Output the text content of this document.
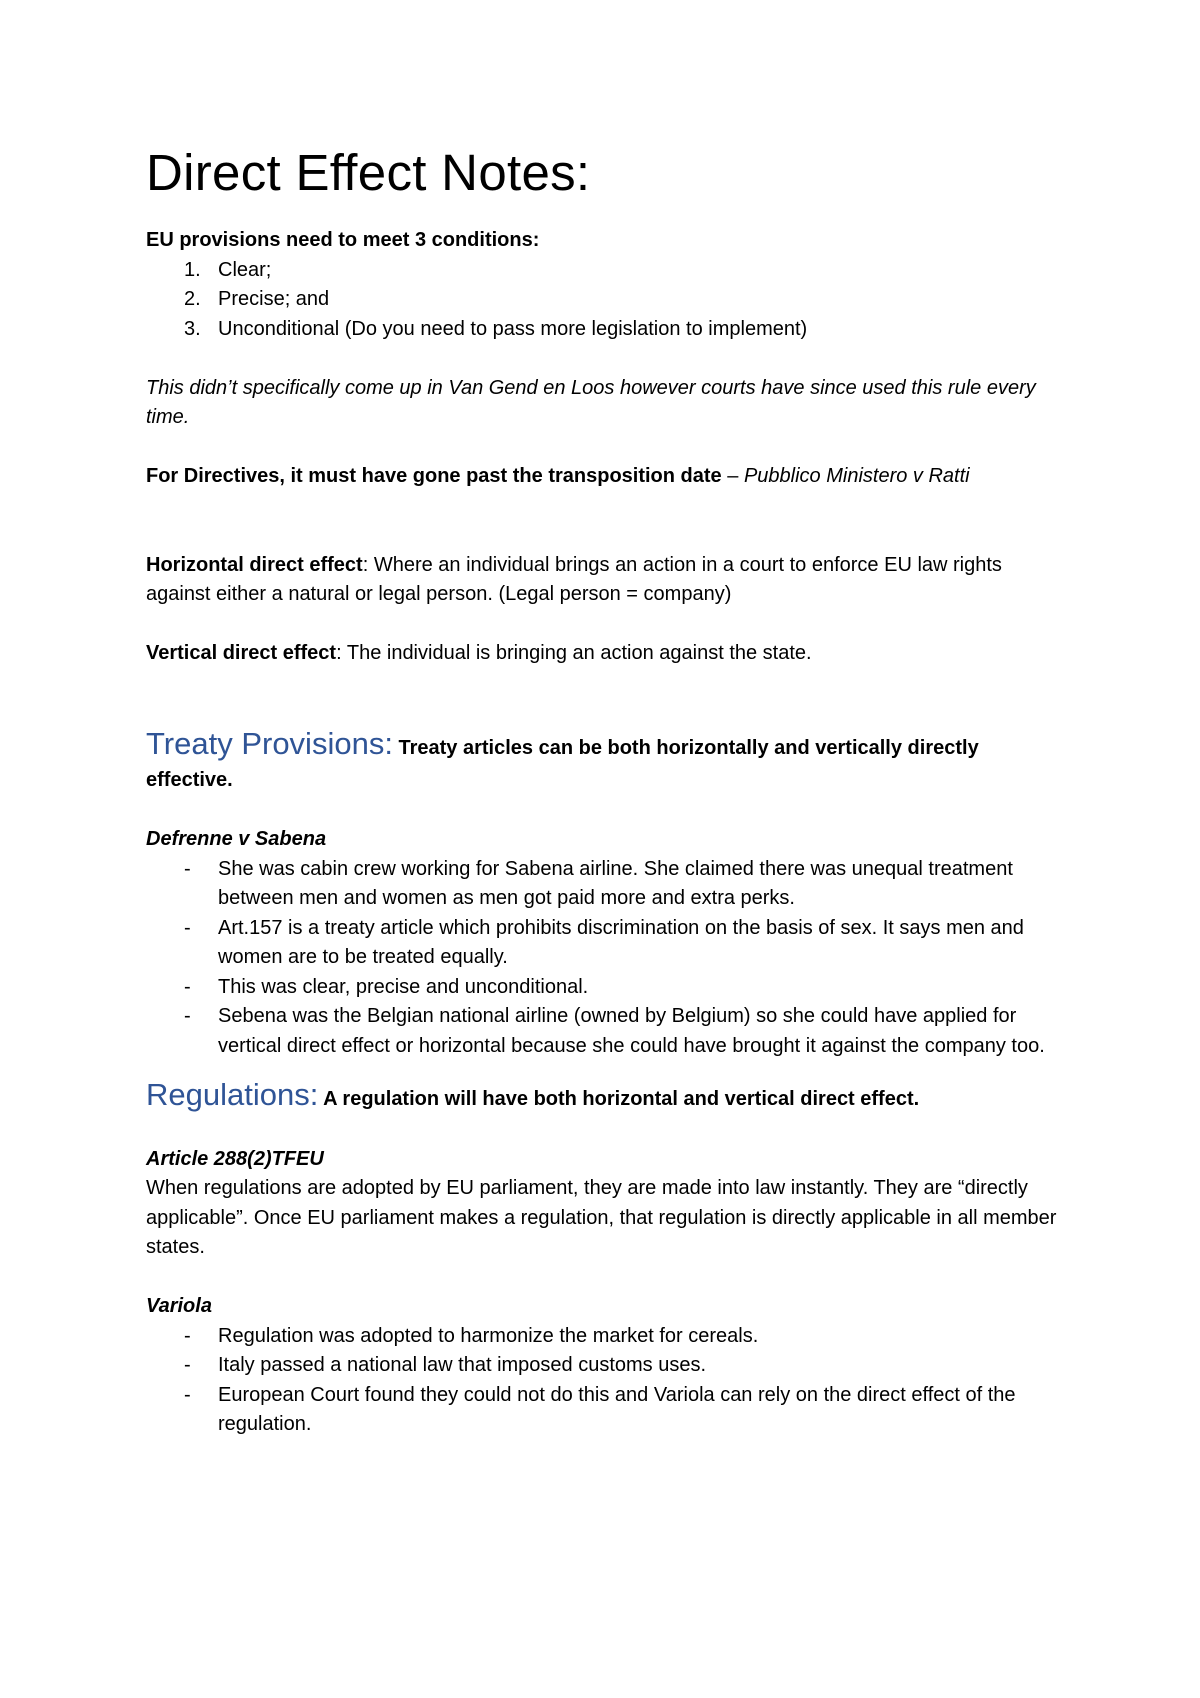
Direct Effect Notes:

EU provisions need to meet 3 conditions:

1. Clear;
2. Precise; and
3. Unconditional (Do you need to pass more legislation to implement)

This didn’t specifically come up in Van Gend en Loos however courts have since used this rule every time.

For Directives, it must have gone past the transposition date – Pubblico Ministero v Ratti

Horizontal direct effect: Where an individual brings an action in a court to enforce EU law rights against either a natural or legal person. (Legal person = company)

Vertical direct effect: The individual is bringing an action against the state.

Treaty Provisions: Treaty articles can be both horizontally and vertically directly effective.

Defrenne v Sabena

- She was cabin crew working for Sabena airline. She claimed there was unequal treatment between men and women as men got paid more and extra perks.
- Art.157 is a treaty article which prohibits discrimination on the basis of sex. It says men and women are to be treated equally.
- This was clear, precise and unconditional.
- Sebena was the Belgian national airline (owned by Belgium) so she could have applied for vertical direct effect or horizontal because she could have brought it against the company too.

Regulations: A regulation will have both horizontal and vertical direct effect.

Article 288(2)TFEU

When regulations are adopted by EU parliament, they are made into law instantly. They are “directly applicable”. Once EU parliament makes a regulation, that regulation is directly applicable in all member states.

Variola

- Regulation was adopted to harmonize the market for cereals.
- Italy passed a national law that imposed customs uses.
- European Court found they could not do this and Variola can rely on the direct effect of the regulation.
